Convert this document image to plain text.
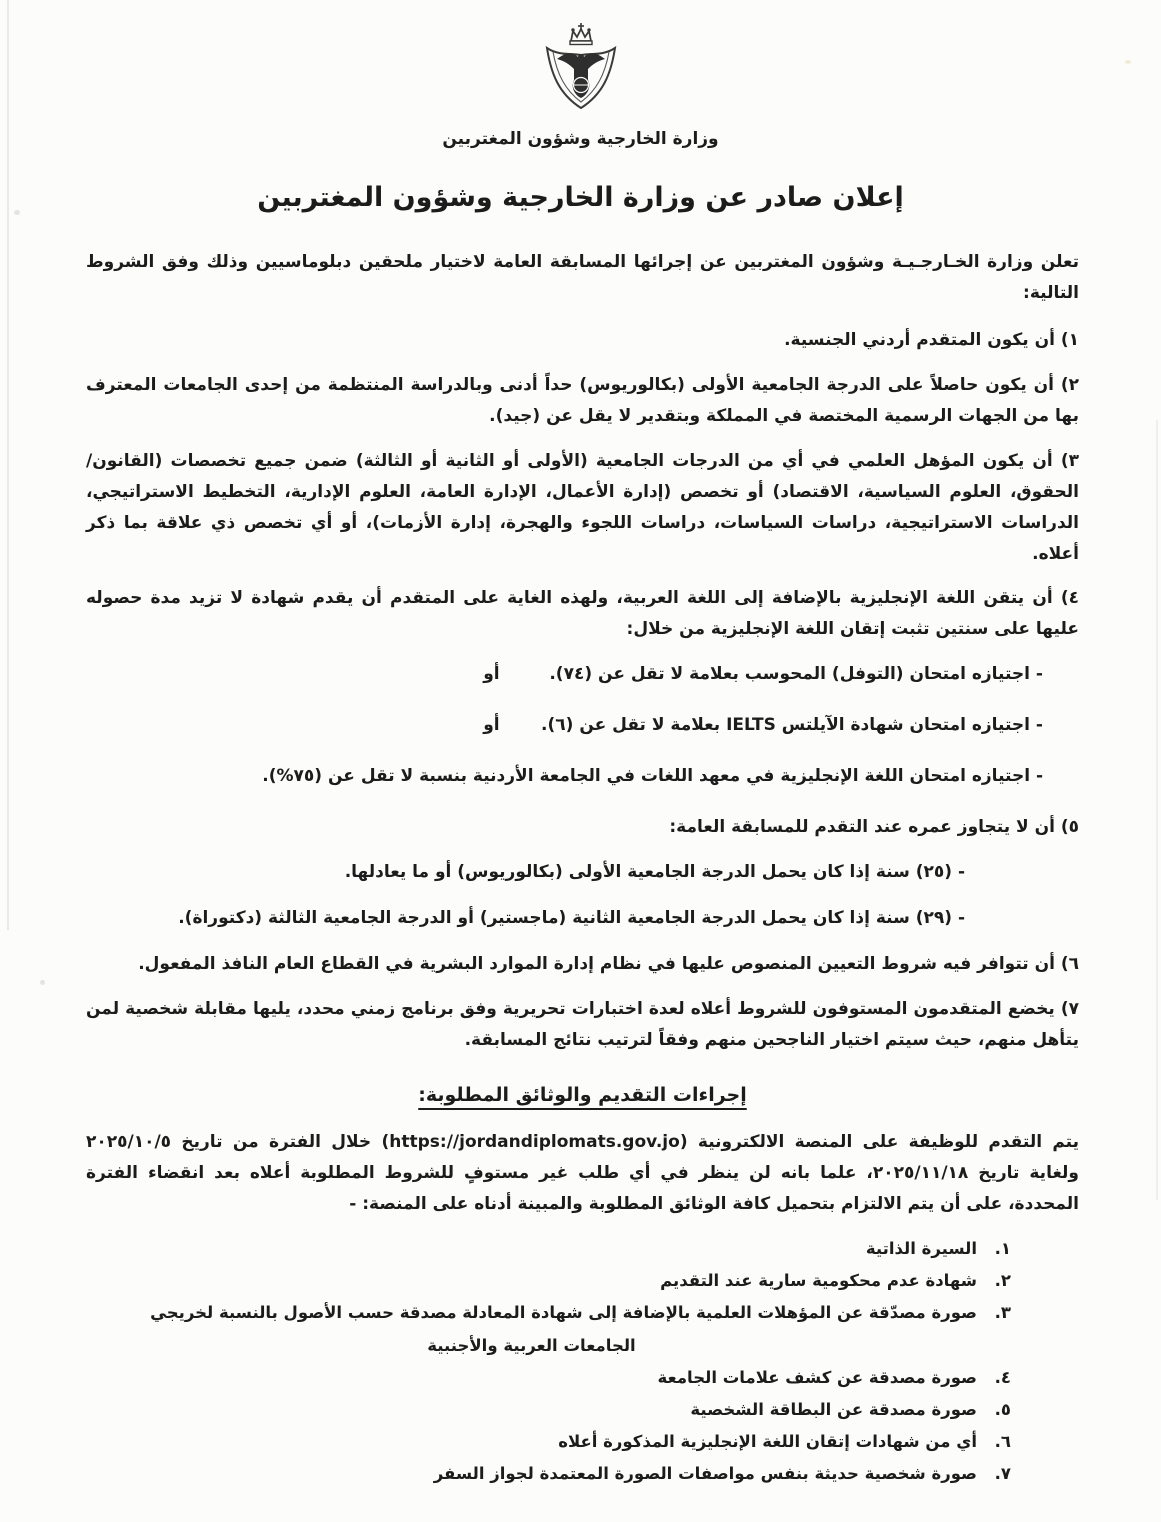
وزارة الخارجية وشؤون المغتربين
إعلان صادر عن وزارة الخارجية وشؤون المغتربين

تعلن وزارة الخـارجـيـة وشؤون المغتربين عن إجرائها المسابقة العامة لاختيار ملحقين دبلوماسيين وذلك وفق الشروط التالية:

١) أن يكون المتقدم أردني الجنسية.

٢) أن يكون حاصلاً على الدرجة الجامعية الأولى (بكالوريوس) حداً أدنى وبالدراسة المنتظمة من إحدى الجامعات المعترف بها من الجهات الرسمية المختصة في المملكة وبتقدير لا يقل عن (جيد).

٣) أن يكون المؤهل العلمي في أي من الدرجات الجامعية (الأولى أو الثانية أو الثالثة) ضمن جميع تخصصات (القانون/ الحقوق، العلوم السياسية، الاقتصاد) أو تخصص (إدارة الأعمال، الإدارة العامة، العلوم الإدارية، التخطيط الاستراتيجي، الدراسات الاستراتيجية، دراسات السياسات، دراسات اللجوء والهجرة، إدارة الأزمات)، أو أي تخصص ذي علاقة بما ذكر أعلاه.

٤) أن يتقن اللغة الإنجليزية بالإضافة إلى اللغة العربية، ولهذه الغاية على المتقدم أن يقدم شهادة لا تزيد مدة حصوله عليها على سنتين تثبت إتقان اللغة الإنجليزية من خلال:

- اجتيازه امتحان (التوفل) المحوسب بعلامة لا تقل عن (٧٤).
أو
- اجتيازه امتحان شهادة الآيلتس IELTS بعلامة لا تقل عن (٦).
أو
- اجتيازه امتحان اللغة الإنجليزية في معهد اللغات في الجامعة الأردنية بنسبة لا تقل عن (٧٥%).

٥) أن لا يتجاوز عمره عند التقدم للمسابقة العامة:

- (٢٥) سنة إذا كان يحمل الدرجة الجامعية الأولى (بكالوريوس) أو ما يعادلها.
- (٢٩) سنة إذا كان يحمل الدرجة الجامعية الثانية (ماجستير) أو الدرجة الجامعية الثالثة (دكتوراة).

٦) أن تتوافر فيه شروط التعيين المنصوص عليها في نظام إدارة الموارد البشرية في القطاع العام النافذ المفعول.

٧) يخضع المتقدمون المستوفون للشروط أعلاه لعدة اختبارات تحريرية وفق برنامج زمني محدد، يليها مقابلة شخصية لمن يتأهل منهم، حيث سيتم اختيار الناجحين منهم وفقاً لترتيب نتائج المسابقة.

إجراءات التقديم والوثائق المطلوبة:

يتم التقدم للوظيفة على المنصة الالكترونية (https://jordandiplomats.gov.jo) خلال الفترة من تاريخ ٢٠٢٥/١٠/٥ ولغاية تاريخ ٢٠٢٥/١١/١٨، علما بانه لن ينظر في أي طلب غير مستوفٍ للشروط المطلوبة أعلاه بعد انقضاء الفترة المحددة، على أن يتم الالتزام بتحميل كافة الوثائق المطلوبة والمبينة أدناه على المنصة: -

١.
السيرة الذاتية
٢.
شهادة عدم محكومية سارية عند التقديم
٣.
صورة مصدّقة عن المؤهلات العلمية بالإضافة إلى شهادة المعادلة مصدقة حسب الأصول بالنسبة لخريجي
الجامعات العربية والأجنبية
٤.
صورة مصدقة عن كشف علامات الجامعة
٥.
صورة مصدقة عن البطاقة الشخصية
٦.
أي من شهادات إتقان اللغة الإنجليزية المذكورة أعلاه
٧.
صورة شخصية حديثة بنفس مواصفات الصورة المعتمدة لجواز السفر
